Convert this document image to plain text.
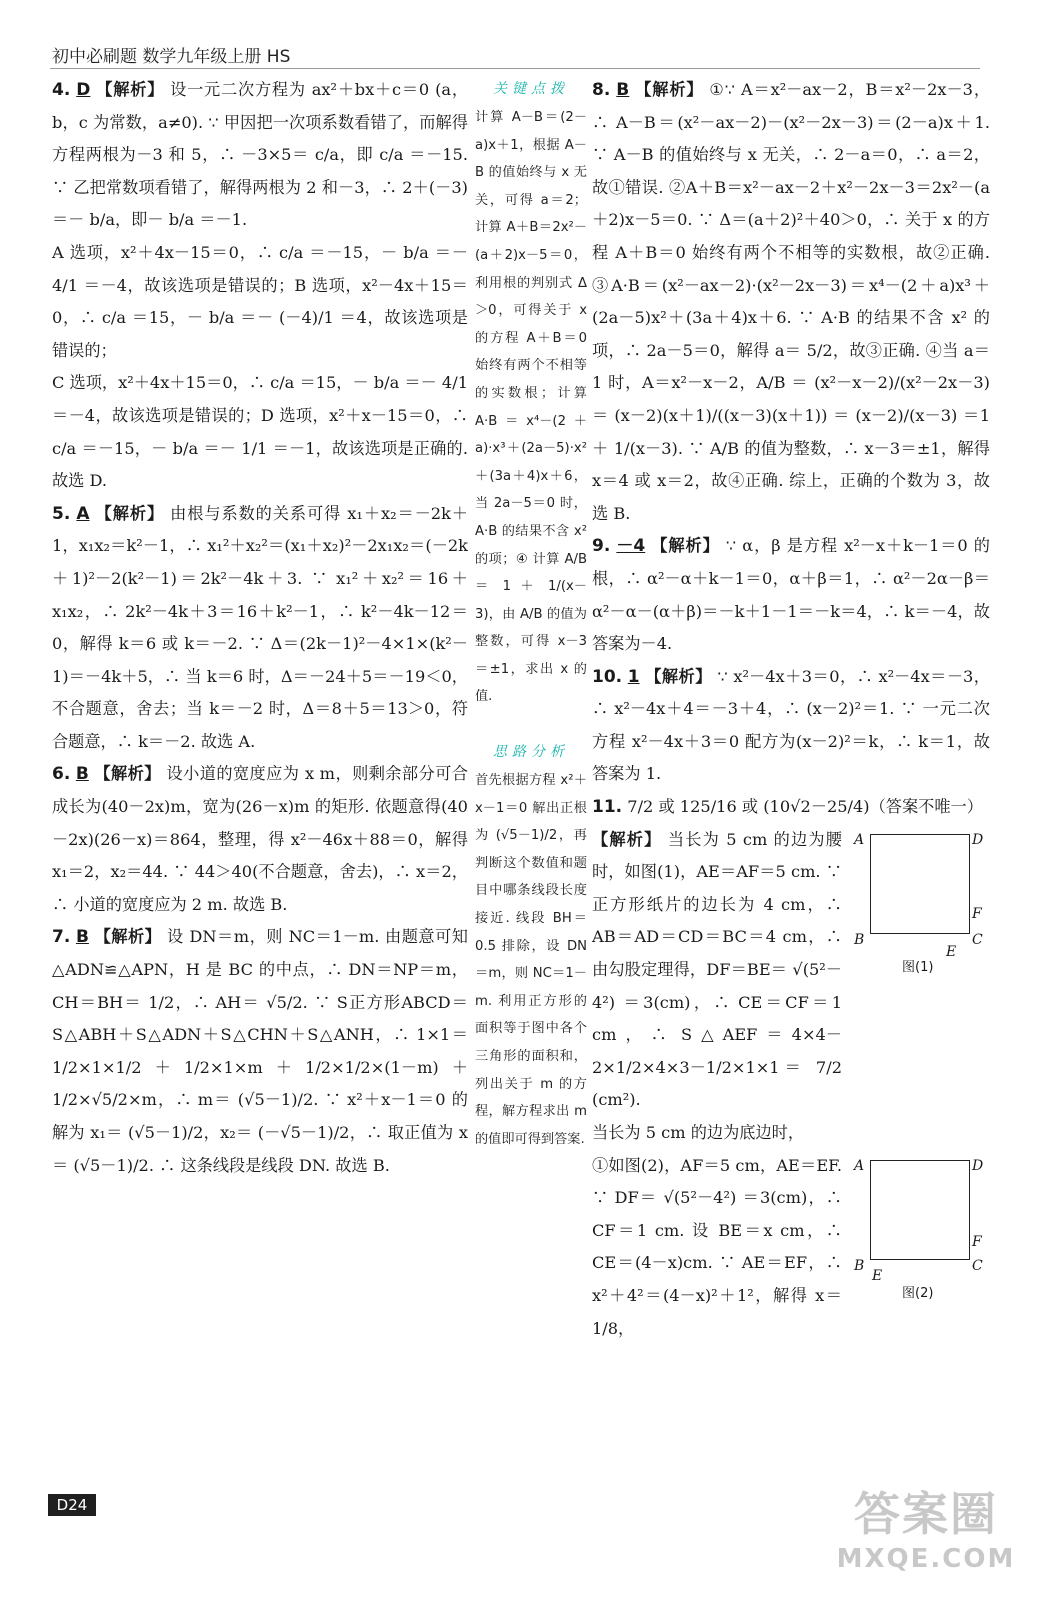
初中必刷题 数学九年级上册 HS

4. D 【解析】 设一元二次方程为 ax²＋bx＋c＝0 (a，b，c 为常数，a≠0). ∵ 甲因把一次项系数看错了，而解得方程两根为－3 和 5，∴ －3×5＝ c/a，即 c/a ＝－15. ∵ 乙把常数项看错了，解得两根为 2 和－3，∴ 2＋(－3)＝－ b/a，即－ b/a ＝－1.

A 选项，x²＋4x－15＝0，∴ c/a ＝－15，－ b/a ＝－ 4/1 ＝－4，故该选项是错误的；B 选项，x²－4x＋15＝0，∴ c/a ＝15，－ b/a ＝－ (－4)/1 ＝4，故该选项是错误的；

C 选项，x²＋4x＋15＝0，∴ c/a ＝15，－ b/a ＝－ 4/1 ＝－4，故该选项是错误的；D 选项，x²＋x－15＝0，∴ c/a ＝－15，－ b/a ＝－ 1/1 ＝－1，故该选项是正确的. 故选 D.

5. A 【解析】 由根与系数的关系可得 x₁＋x₂＝－2k＋1，x₁x₂＝k²－1，∴ x₁²＋x₂²＝(x₁＋x₂)²－2x₁x₂＝(－2k＋1)²－2(k²－1)＝2k²－4k＋3. ∵ x₁²＋x₂²＝16＋x₁x₂，∴ 2k²－4k＋3＝16＋k²－1，∴ k²－4k－12＝0，解得 k＝6 或 k＝－2. ∵ Δ＝(2k－1)²－4×1×(k²－1)＝－4k＋5，∴ 当 k＝6 时，Δ＝－24＋5＝－19＜0，不合题意，舍去；当 k＝－2 时，Δ＝8＋5＝13＞0，符合题意，∴ k＝－2. 故选 A.

6. B 【解析】 设小道的宽度应为 x m，则剩余部分可合成长为(40－2x)m，宽为(26－x)m 的矩形. 依题意得(40－2x)(26－x)＝864，整理，得 x²－46x＋88＝0，解得 x₁＝2，x₂＝44. ∵ 44＞40(不合题意，舍去)，∴ x＝2，∴ 小道的宽度应为 2 m. 故选 B.

7. B 【解析】 设 DN＝m，则 NC＝1－m. 由题意可知△ADN≌△APN，H 是 BC 的中点，∴ DN＝NP＝m，CH＝BH＝ 1/2，∴ AH＝ √5/2. ∵ S正方形ABCD＝S△ABH＋S△ADN＋S△CHN＋S△ANH，∴ 1×1＝ 1/2×1×1/2＋1/2×1×m＋1/2×1/2×(1－m)＋1/2×√5/2×m，∴ m＝ (√5－1)/2. ∵ x²＋x－1＝0 的解为 x₁＝ (√5－1)/2，x₂＝ (－√5－1)/2，∴ 取正值为 x＝ (√5－1)/2. ∴ 这条线段是线段 DN. 故选 B.

关键点拨
计算 A－B＝(2－a)x＋1，根据 A－B 的值始终与 x 无关，可得 a＝2；计算 A＋B＝2x²－(a＋2)x－5＝0，利用根的判别式 Δ＞0，可得关于 x 的方程 A＋B＝0 始终有两个不相等的实数根；计算 A·B＝x⁴－(2＋a)·x³＋(2a－5)·x²＋(3a＋4)x＋6，当 2a－5＝0 时，A·B 的结果不含 x² 的项；④ 计算 A/B ＝ 1 ＋ 1/(x－3)，由 A/B 的值为整数，可得 x－3＝±1，求出 x 的值.
思路分析
首先根据方程 x²＋x－1＝0 解出正根为 (√5－1)/2，再判断这个数值和题目中哪条线段长度接近. 线段 BH＝0.5 排除，设 DN＝m，则 NC＝1－m. 利用正方形的面积等于图中各个三角形的面积和，列出关于 m 的方程，解方程求出 m 的值即可得到答案.

8. B 【解析】 ①∵ A＝x²－ax－2，B＝x²－2x－3，∴ A－B＝(x²－ax－2)－(x²－2x－3)＝(2－a)x＋1. ∵ A－B 的值始终与 x 无关，∴ 2－a＝0，∴ a＝2，故①错误. ②A＋B＝x²－ax－2＋x²－2x－3＝2x²－(a＋2)x－5＝0. ∵ Δ＝(a＋2)²＋40＞0，∴ 关于 x 的方程 A＋B＝0 始终有两个不相等的实数根，故②正确. ③A·B＝(x²－ax－2)·(x²－2x－3)＝x⁴－(2＋a)x³＋(2a－5)x²＋(3a＋4)x＋6. ∵ A·B 的结果不含 x² 的项，∴ 2a－5＝0，解得 a＝ 5/2，故③正确. ④当 a＝1 时，A＝x²－x－2，A/B ＝ (x²－x－2)/(x²－2x－3) ＝ (x－2)(x＋1)/((x－3)(x＋1)) ＝ (x－2)/(x－3) ＝1＋ 1/(x－3). ∵ A/B 的值为整数，∴ x－3＝±1，解得 x＝4 或 x＝2，故④正确. 综上，正确的个数为 3，故选 B.

9. －4 【解析】 ∵ α，β 是方程 x²－x＋k－1＝0 的根，∴ α²－α＋k－1＝0，α＋β＝1，∴ α²－2α－β＝α²－α－(α＋β)＝－k＋1－1＝－k＝4，∴ k＝－4，故答案为－4.

10. 1 【解析】 ∵ x²－4x＋3＝0，∴ x²－4x＝－3，∴ x²－4x＋4＝－3＋4，∴ (x－2)²＝1. ∵ 一元二次方程 x²－4x＋3＝0 配方为(x－2)²＝k，∴ k＝1，故答案为 1.

11. 7/2 或 125/16 或 (10√2－25/4)（答案不唯一）

【解析】 当长为 5 cm 的边为腰时，如图(1)，AE＝AF＝5 cm. ∵ 正方形纸片的边长为 4 cm，∴ AB＝AD＝CD＝BC＝4 cm，∴ 由勾股定理得，DF＝BE＝ √(5²－4²) ＝3(cm)，∴ CE＝CF＝1 cm，∴ S△AEF＝4×4－2×1/2×4×3－1/2×1×1＝ 7/2 (cm²).

A	D
B	C
E
F
图(1)

当长为 5 cm 的边为底边时，

①如图(2)，AF＝5 cm，AE＝EF. ∵ DF＝ √(5²－4²) ＝3(cm)，∴ CF＝1 cm. 设 BE＝x cm，∴ CE＝(4－x)cm. ∵ AE＝EF，∴ x²＋4²＝(4－x)²＋1²，解得 x＝ 1/8，

A	D
B	C
E
F
图(2)
D24	答案圈
MXQE.COM
